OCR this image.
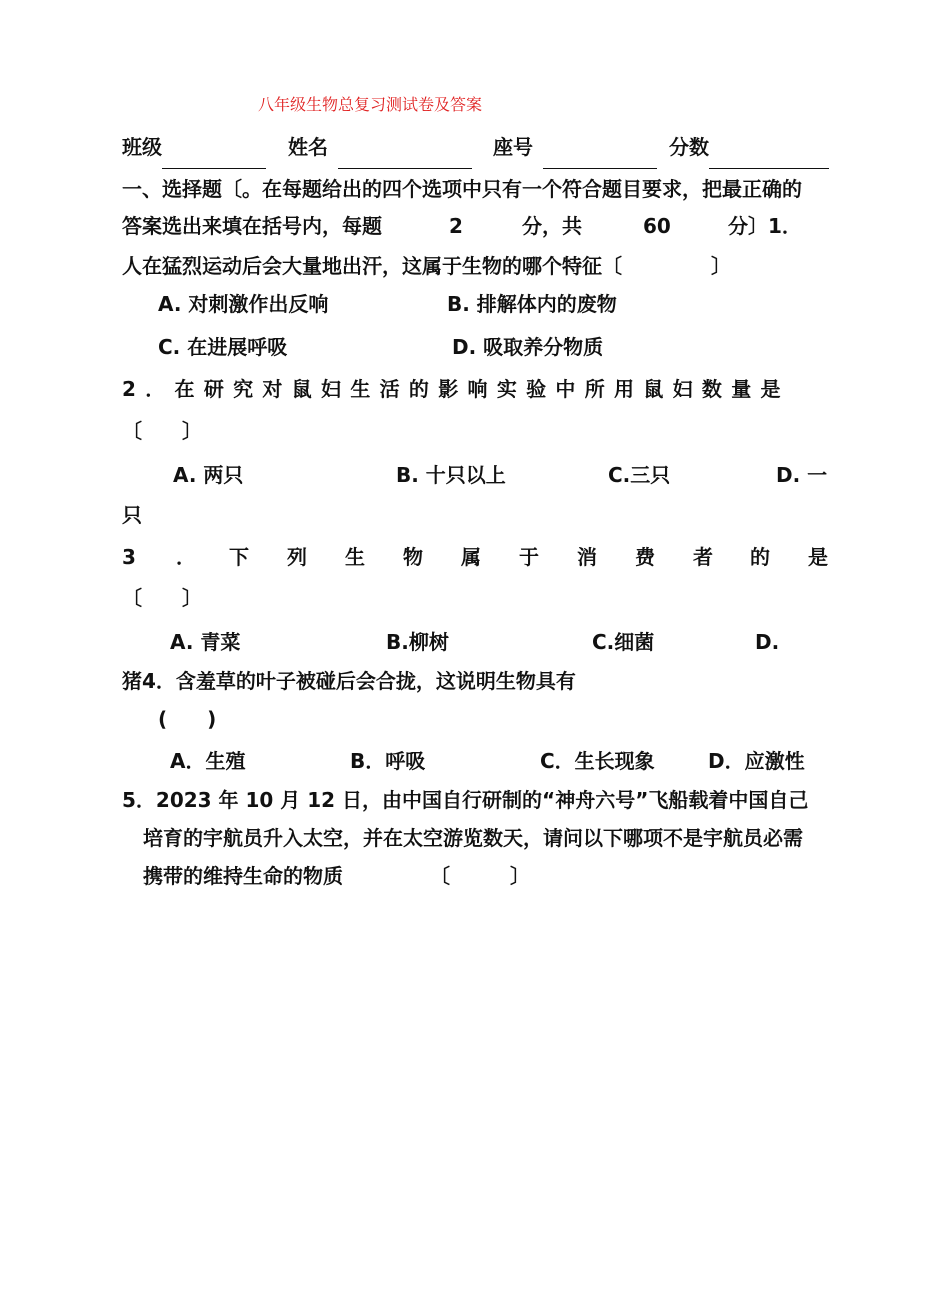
八年级生物总复习测试卷及答案
班级	姓名	座号	分数
一、选择题〔。在每题给出的四个选项中只有一个符合题目要求，把最正确的
答案选出来填在括号内，每题	2	分，共	60	分〕1．
人在猛烈运动后会大量地出汗，这属于生物的哪个特征〔	〕
A. 对刺激作出反响	B. 排解体内的废物
C. 在进展呼吸	D. 吸取养分物质
2．在研究对鼠妇生活的影响实验中所用鼠妇数量是
〔　　〕
A. 两只	B. 十只以上	C.三只	D. 一
只
3 ． 下 列 生 物 属 于 消 费 者 的 是
〔　　〕
A. 青菜	B.柳树	C.细菌	D.
猪4．含羞草的叶子被碰后会合拢，这说明生物具有
(　　)
A．生殖	B．呼吸	C．生长现象	D．应激性
5．2023 年 10 月 12 日，由中国自行研制的“神舟六号”飞船载着中国自己
培育的宇航员升入太空，并在太空游览数天，请问以下哪项不是宇航员必需
携带的维持生命的物质	〔　　　〕
